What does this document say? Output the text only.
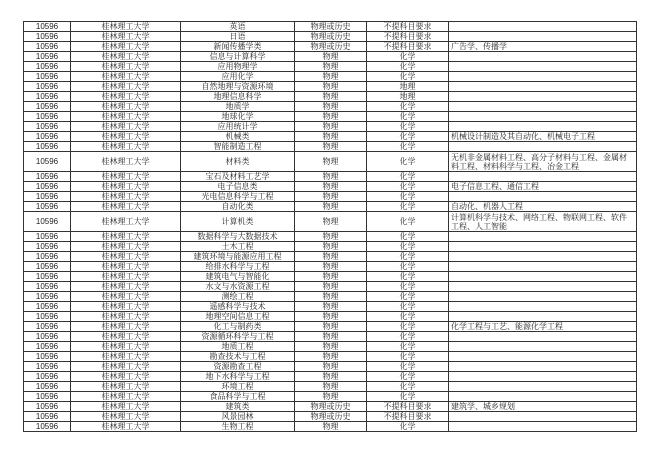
10596	桂林理工大学	英语	物理或历史	不提科目要求	
10596	桂林理工大学	日语	物理或历史	不提科目要求	
10596	桂林理工大学	新闻传播学类	物理或历史	不提科目要求	广告学、传播学
10596	桂林理工大学	信息与计算科学	物理	化学	
10596	桂林理工大学	应用物理学	物理	化学	
10596	桂林理工大学	应用化学	物理	化学	
10596	桂林理工大学	自然地理与资源环境	物理	地理	
10596	桂林理工大学	地理信息科学	物理	地理	
10596	桂林理工大学	地质学	物理	化学	
10596	桂林理工大学	地球化学	物理	化学	
10596	桂林理工大学	应用统计学	物理	化学	
10596	桂林理工大学	机械类	物理	化学	机械设计制造及其自动化、机械电子工程
10596	桂林理工大学	智能制造工程	物理	化学	
10596	桂林理工大学	材料类	物理	化学	无机非金属材料工程、高分子材料与工程、金属材料工程、材料科学与工程、冶金工程
10596	桂林理工大学	宝石及材料工艺学	物理	化学	
10596	桂林理工大学	电子信息类	物理	化学	电子信息工程、通信工程
10596	桂林理工大学	光电信息科学与工程	物理	化学	
10596	桂林理工大学	自动化类	物理	化学	自动化、机器人工程
10596	桂林理工大学	计算机类	物理	化学	计算机科学与技术、网络工程、物联网工程、软件工程、人工智能
10596	桂林理工大学	数据科学与大数据技术	物理	化学	
10596	桂林理工大学	土木工程	物理	化学	
10596	桂林理工大学	建筑环境与能源应用工程	物理	化学	
10596	桂林理工大学	给排水科学与工程	物理	化学	
10596	桂林理工大学	建筑电气与智能化	物理	化学	
10596	桂林理工大学	水文与水资源工程	物理	化学	
10596	桂林理工大学	测绘工程	物理	化学	
10596	桂林理工大学	遥感科学与技术	物理	化学	
10596	桂林理工大学	地理空间信息工程	物理	化学	
10596	桂林理工大学	化工与制药类	物理	化学	化学工程与工艺、能源化学工程
10596	桂林理工大学	资源循环科学与工程	物理	化学	
10596	桂林理工大学	地质工程	物理	化学	
10596	桂林理工大学	勘查技术与工程	物理	化学	
10596	桂林理工大学	资源勘查工程	物理	化学	
10596	桂林理工大学	地下水科学与工程	物理	化学	
10596	桂林理工大学	环境工程	物理	化学	
10596	桂林理工大学	食品科学与工程	物理	化学	
10596	桂林理工大学	建筑类	物理或历史	不提科目要求	建筑学、城乡规划
10596	桂林理工大学	风景园林	物理或历史	不提科目要求	
10596	桂林理工大学	生物工程	物理	化学	
